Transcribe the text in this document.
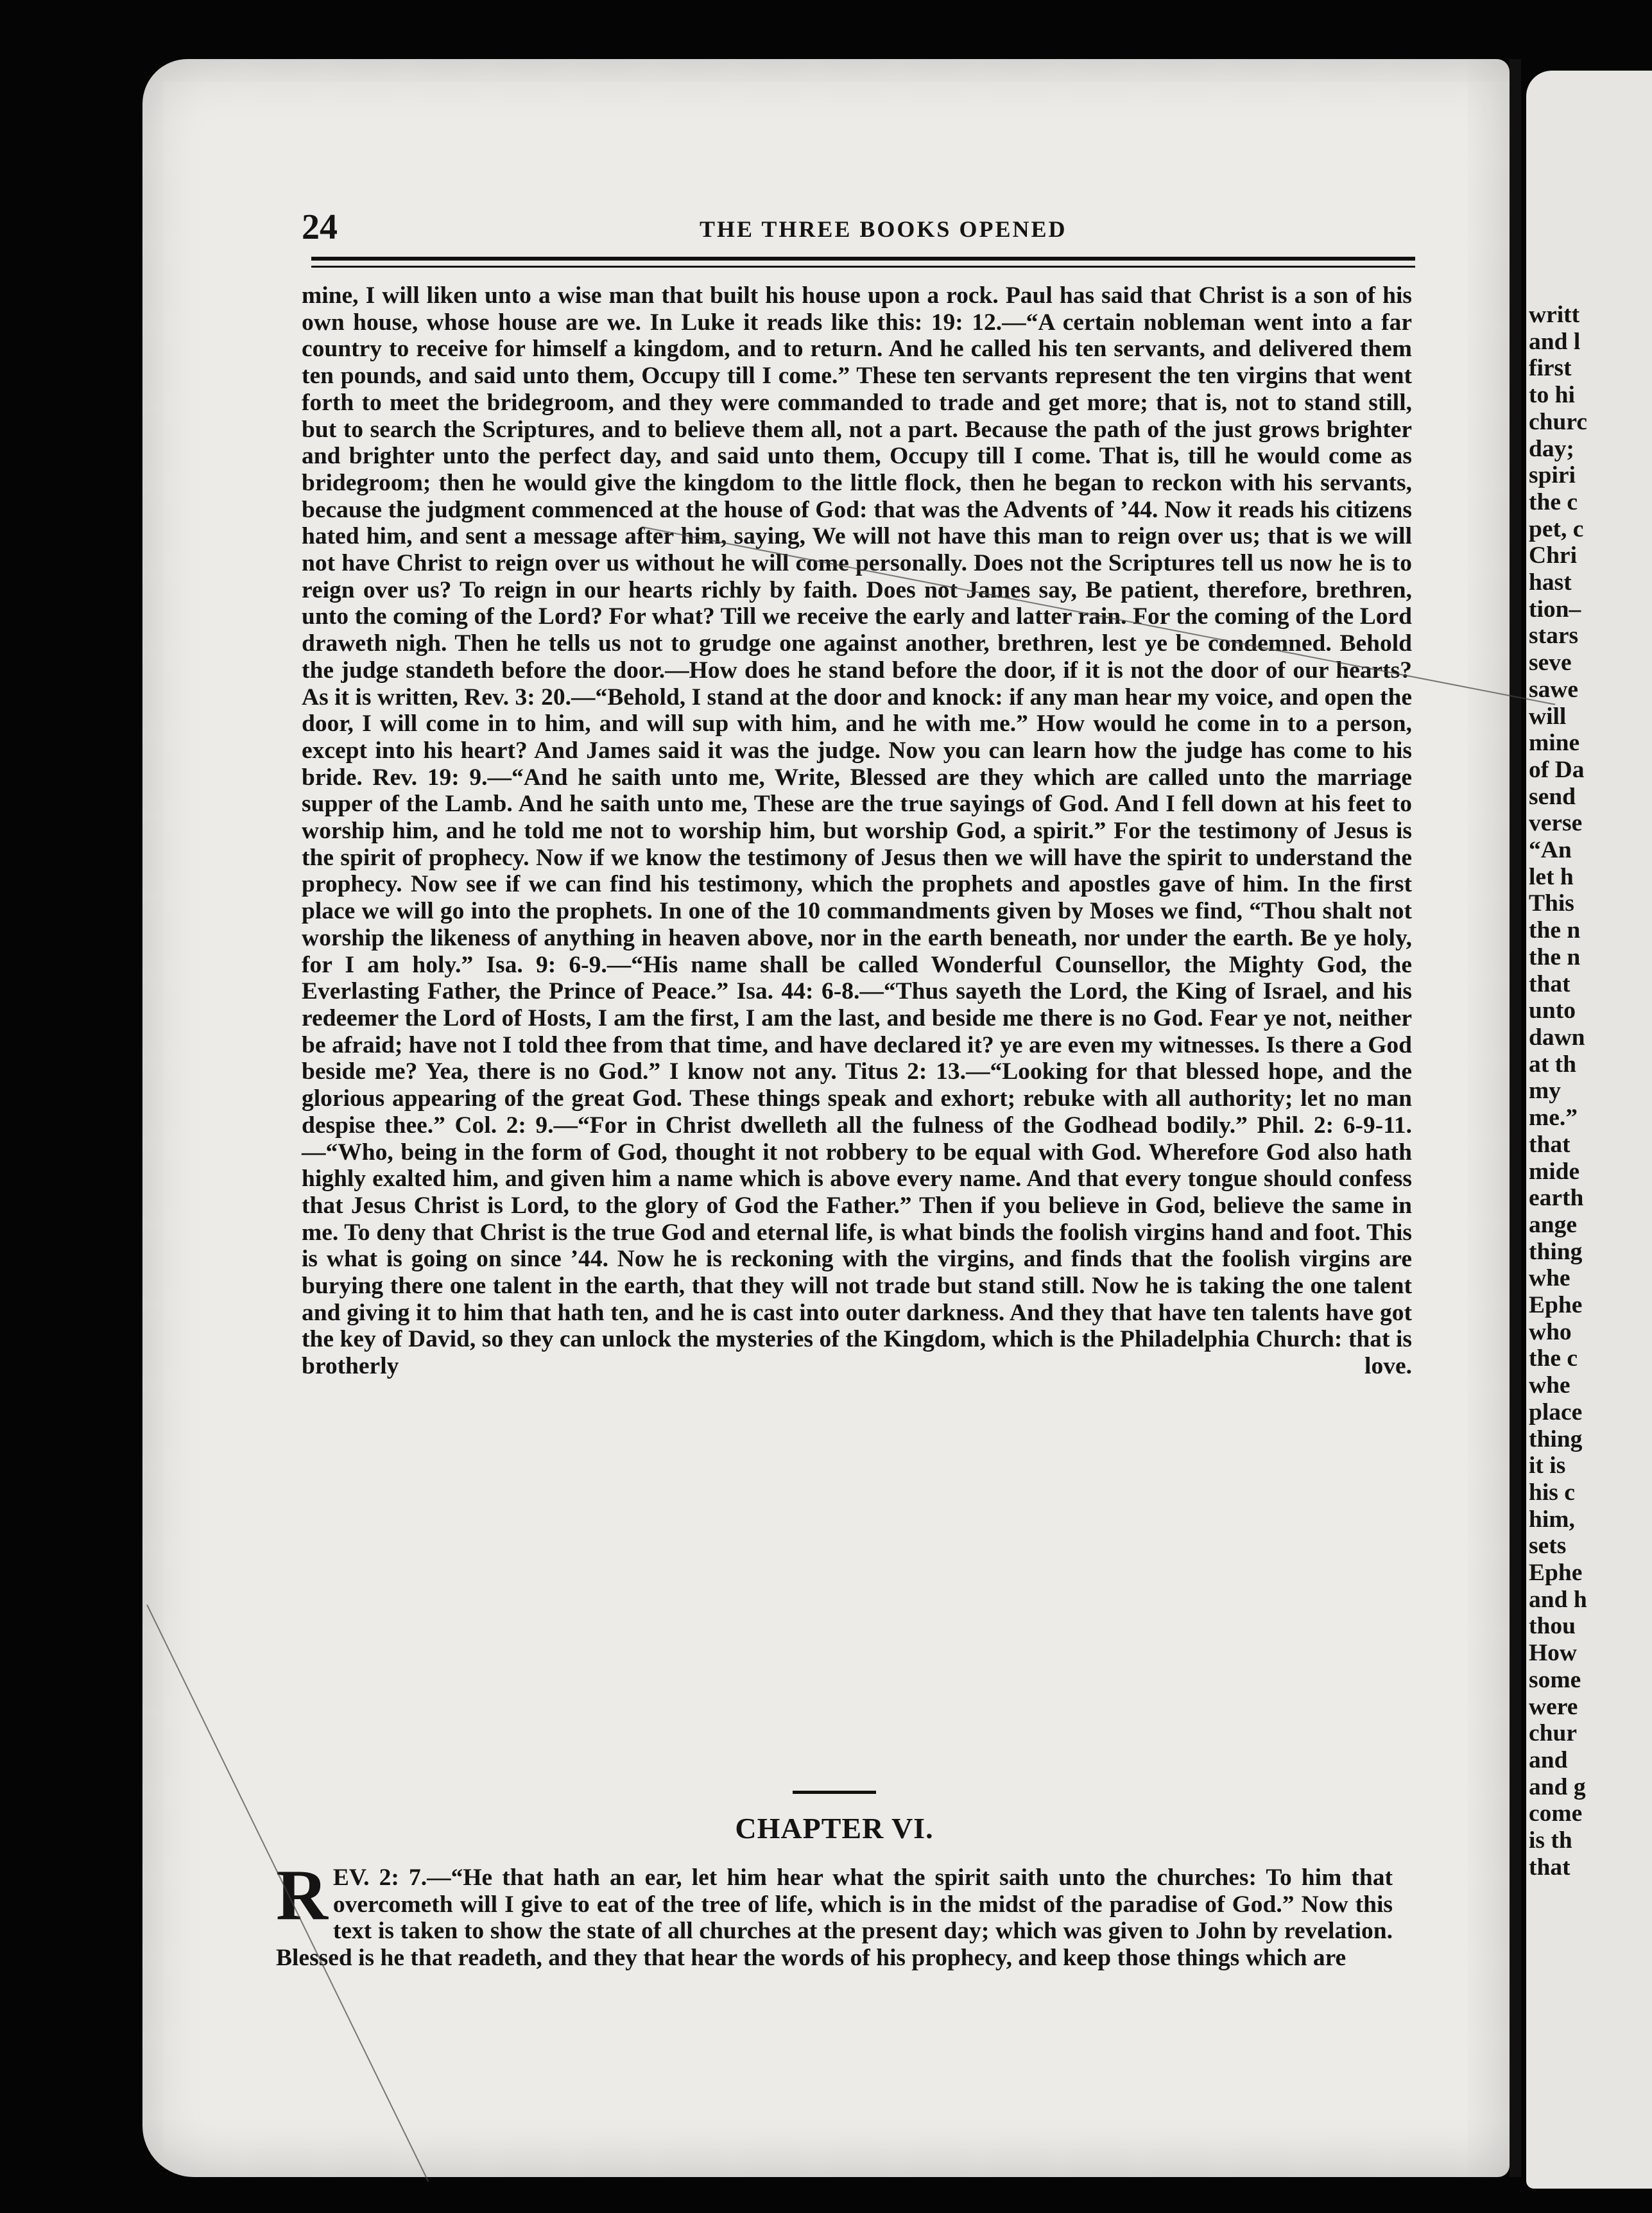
24	THE THREE BOOKS OPENED

mine, I will liken unto a wise man that built his house upon a rock. Paul has said that Christ is a son of his own house, whose house are we. In Luke it reads like this: 19: 12.—“A certain nobleman went into a far country to receive for himself a kingdom, and to return. And he called his ten servants, and delivered them ten pounds, and said unto them, Occupy till I come.” These ten servants represent the ten virgins that went forth to meet the bridegroom, and they were commanded to trade and get more; that is, not to stand still, but to search the Scriptures, and to believe them all, not a part. Because the path of the just grows brighter and brighter unto the perfect day, and said unto them, Occupy till I come. That is, till he would come as bridegroom; then he would give the kingdom to the little flock, then he began to reckon with his servants, because the judgment commenced at the house of God: that was the Advents of ’44. Now it reads his citizens hated him, and sent a message after him, saying, We will not have this man to reign over us; that is we will not have Christ to reign over us without he will come personally. Does not the Scriptures tell us now he is to reign over us? To reign in our hearts richly by faith. Does not James say, Be patient, therefore, brethren, unto the coming of the Lord? For what? Till we receive the early and latter rain. For the coming of the Lord draweth nigh. Then he tells us not to grudge one against another, brethren, lest ye be condemned. Behold the judge standeth before the door.—How does he stand before the door, if it is not the door of our hearts? As it is written, Rev. 3: 20.—“Behold, I stand at the door and knock: if any man hear my voice, and open the door, I will come in to him, and will sup with him, and he with me.” How would he come in to a person, except into his heart? And James said it was the judge. Now you can learn how the judge has come to his bride. Rev. 19: 9.—“And he saith unto me, Write, Blessed are they which are called unto the marriage supper of the Lamb. And he saith unto me, These are the true sayings of God. And I fell down at his feet to worship him, and he told me not to worship him, but worship God, a spirit.” For the testimony of Jesus is the spirit of prophecy. Now if we know the testimony of Jesus then we will have the spirit to understand the prophecy. Now see if we can find his testimony, which the prophets and apostles gave of him. In the first place we will go into the prophets. In one of the 10 commandments given by Moses we find, “Thou shalt not worship the likeness of anything in heaven above, nor in the earth beneath, nor under the earth. Be ye holy, for I am holy.” Isa. 9: 6-9.—“His name shall be called Wonderful Counsellor, the Mighty God, the Everlasting Father, the Prince of Peace.” Isa. 44: 6-8.—“Thus sayeth the Lord, the King of Israel, and his redeemer the Lord of Hosts, I am the first, I am the last, and beside me there is no God. Fear ye not, neither be afraid; have not I told thee from that time, and have declared it? ye are even my witnesses. Is there a God beside me? Yea, there is no God.” I know not any. Titus 2: 13.—“Looking for that blessed hope, and the glorious appearing of the great God. These things speak and exhort; rebuke with all authority; let no man despise thee.” Col. 2: 9.—“For in Christ dwelleth all the fulness of the Godhead bodily.” Phil. 2: 6-9-11.—“Who, being in the form of God, thought it not robbery to be equal with God. Wherefore God also hath highly exalted him, and given him a name which is above every name. And that every tongue should confess that Jesus Christ is Lord, to the glory of God the Father.” Then if you believe in God, believe the same in me. To deny that Christ is the true God and eternal life, is what binds the foolish virgins hand and foot. This is what is going on since ’44. Now he is reckoning with the virgins, and finds that the foolish virgins are burying there one talent in the earth, that they will not trade but stand still. Now he is taking the one talent and giving it to him that hath ten, and he is cast into outer darkness. And they that have ten talents have got the key of David, so they can unlock the mysteries of the Kingdom, which is the Philadelphia Church: that is brotherly love.

CHAPTER VI.
R EV. 2: 7.—“He that hath an ear, let him hear what the spirit saith unto the churches: To him that overcometh will I give to eat of the tree of life, which is in the midst of the paradise of God.” Now this text is taken to show the state of all churches at the present day; which was given to John by revelation. Blessed is he that readeth, and they that hear the words of his prophecy, and keep those things which are
writt
and l
first
to hi
churc
day;
spiri
the c
pet, c
Chri
hast
tion–
stars
seve
sawe
will
mine
of Da
send
verse
“An
let h
This
the n
the n
that
unto
dawn
at th
my
me.”
that
mide
earth
ange
thing
whe
Ephe
who
the c
whe
place
thing
it is
his c
him,
sets
Ephe
and h
thou
How
some
were
chur
and
and g
come
is th
that
